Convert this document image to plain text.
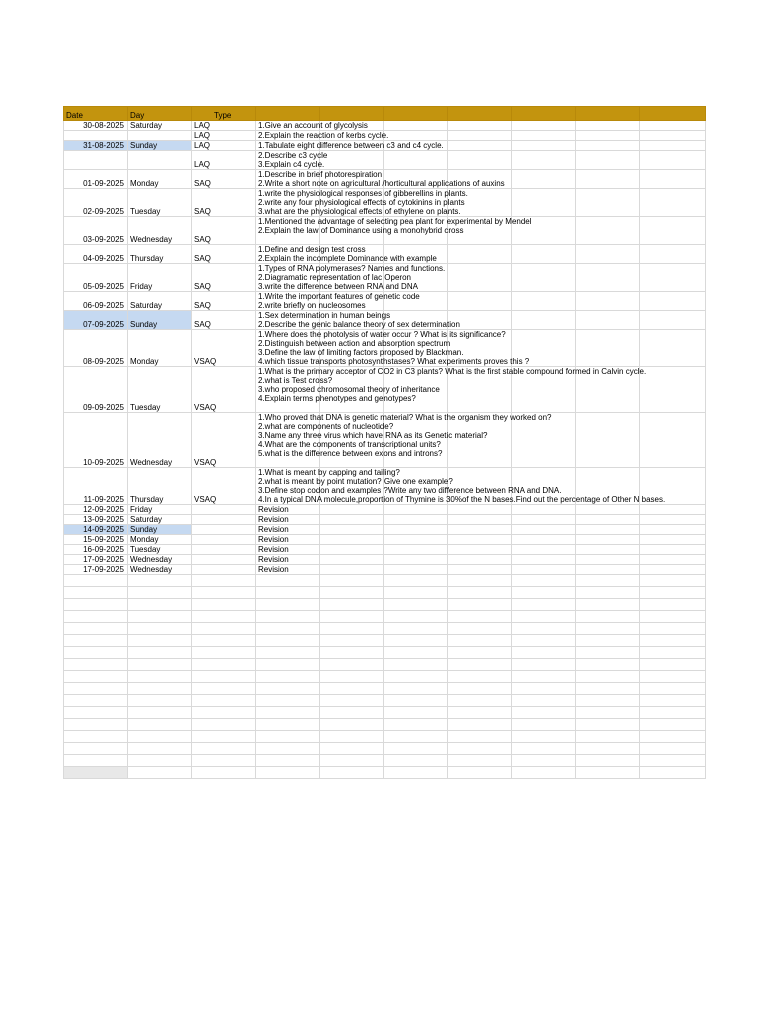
Date	Day	Type							
30-08-2025	Saturday	LAQ	1.Give an account of glycolysis						
		LAQ	2.Explain the reaction of kerbs cycle.						
31-08-2025	Sunday	LAQ	1.Tabulate eight difference between c3 and c4 cycle.						
		LAQ	2.Describe c3 cycle
3.Explain c4 cycle.						
01-09-2025	Monday	SAQ	1.Describe in brief photorespiration
2.Write a short note on agricultural /horticultural applications of auxins						
02-09-2025	Tuesday	SAQ	1.write the physiological responses of gibberellins in plants.
2.write any four physiological effects of cytokinins in plants
3.what are the physiological effects of ethylene on plants.						
03-09-2025	Wednesday	SAQ	1.Mentioned the advantage of selecting pea plant for experimental by Mendel
2.Explain the law of Dominance using a monohybrid cross

04-09-2025	Thursday	SAQ	1.Define and design test cross
2.Explain the incomplete Dominance with example						
05-09-2025	Friday	SAQ	1.Types of RNA polymerases? Names and functions.
2.Diagramatic representation of lac Operon
3.write the difference between RNA and DNA						
06-09-2025	Saturday	SAQ	1.Write the important features of genetic code
2.write briefly on nucleosomes						
07-09-2025	Sunday	SAQ	1.Sex determination in human beings
2.Describe the genic balance theory of sex determination						
08-09-2025	Monday	VSAQ	1.Where does the photolysis of water occur ? What is its significance?
2.Distinguish between action and absorption spectrum
3.Define the law of limiting factors proposed by Blackman.
4.which tissue transports photosynthstases? What experiments proves this ?						
09-09-2025	Tuesday	VSAQ	1.What is the primary acceptor of CO2 in C3 plants? What is the first stable compound formed in Calvin cycle.
2.what is Test cross?
3.who proposed chromosomal theory of inheritance
4.Explain terms phenotypes and genotypes?

10-09-2025	Wednesday	VSAQ	1.Who proved that DNA is genetic material? What is the organism they worked on?
2.what are components of nucleotide?
3.Name any three virus which have RNA as its Genetic material?
4.What are the components of transcriptional units?
5.what is the difference between exons and introns?

11-09-2025	Thursday	VSAQ	1.What is meant by capping and tailing?
2.what is meant by point mutation? Give one example?
3.Define stop codon and examples ?Write any two difference between RNA and DNA.
4.In a typical DNA molecule,proportion of Thymine is 30%of the N bases.Find out the percentage of Other N bases.						
12-09-2025	Friday		Revision						
13-09-2025	Saturday		Revision						
14-09-2025	Sunday		Revision						
15-09-2025	Monday		Revision						
16-09-2025	Tuesday		Revision						
17-09-2025	Wednesday		Revision						
17-09-2025	Wednesday		Revision						
